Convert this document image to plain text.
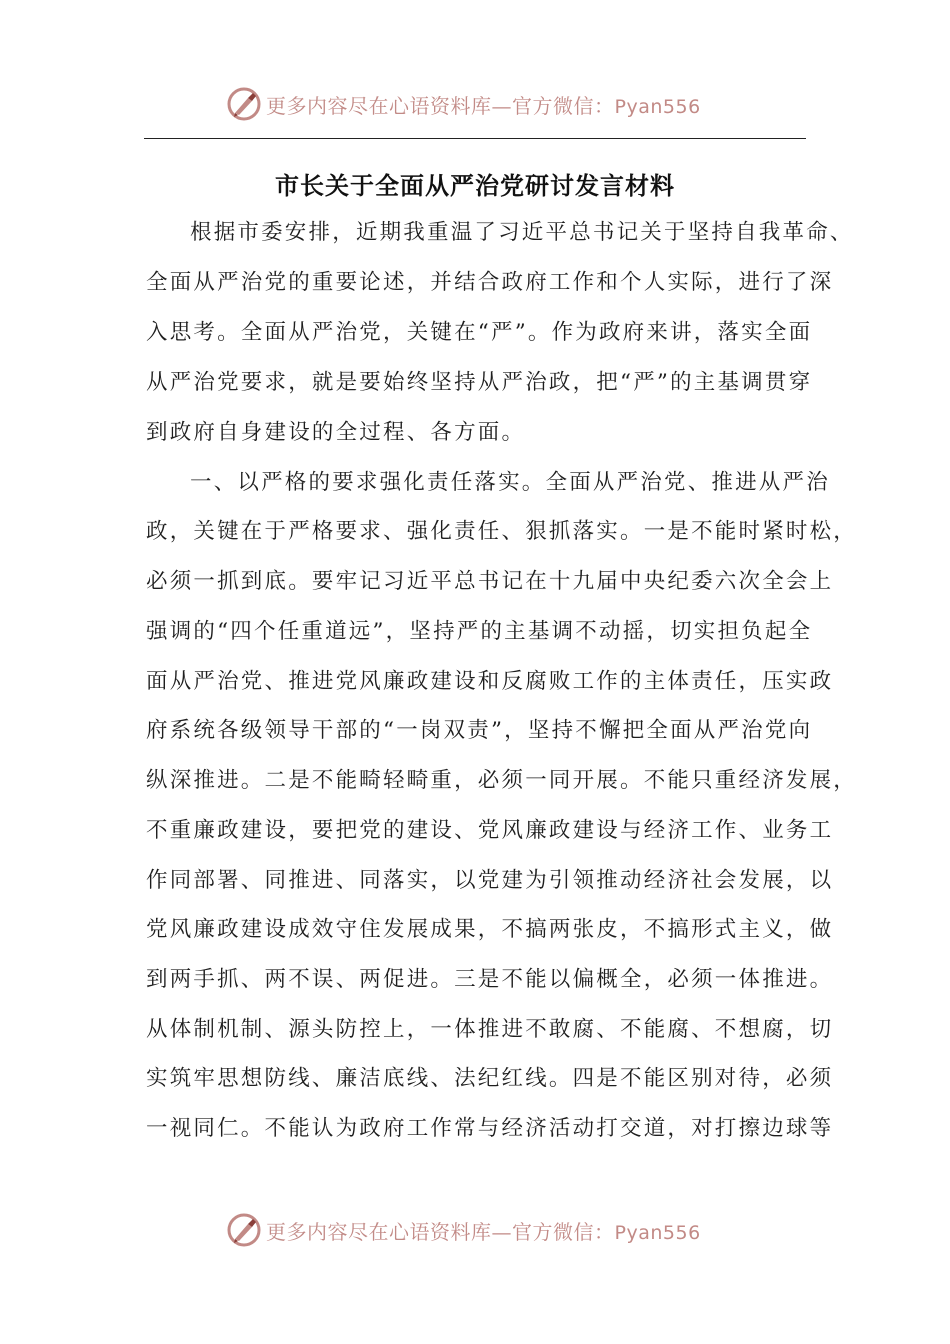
更多内容尽在心语资料库—官方微信：Pyan556
市长关于全面从严治党研讨发言材料
根据市委安排，近期我重温了习近平总书记关于坚持自我革命、
全面从严治党的重要论述，并结合政府工作和个人实际，进行了深
入思考。全面从严治党，关键在“严”。作为政府来讲，落实全面
从严治党要求，就是要始终坚持从严治政，把“严”的主基调贯穿
到政府自身建设的全过程、各方面。
一、以严格的要求强化责任落实。全面从严治党、推进从严治
政，关键在于严格要求、强化责任、狠抓落实。一是不能时紧时松，
必须一抓到底。要牢记习近平总书记在十九届中央纪委六次全会上
强调的“四个任重道远”，坚持严的主基调不动摇，切实担负起全
面从严治党、推进党风廉政建设和反腐败工作的主体责任，压实政
府系统各级领导干部的“一岗双责”，坚持不懈把全面从严治党向
纵深推进。二是不能畸轻畸重，必须一同开展。不能只重经济发展，
不重廉政建设，要把党的建设、党风廉政建设与经济工作、业务工
作同部署、同推进、同落实，以党建为引领推动经济社会发展，以
党风廉政建设成效守住发展成果，不搞两张皮，不搞形式主义，做
到两手抓、两不误、两促进。三是不能以偏概全，必须一体推进。
从体制机制、源头防控上，一体推进不敢腐、不能腐、不想腐，切
实筑牢思想防线、廉洁底线、法纪红线。四是不能区别对待，必须
一视同仁。不能认为政府工作常与经济活动打交道，对打擦边球等
更多内容尽在心语资料库—官方微信：Pyan556
